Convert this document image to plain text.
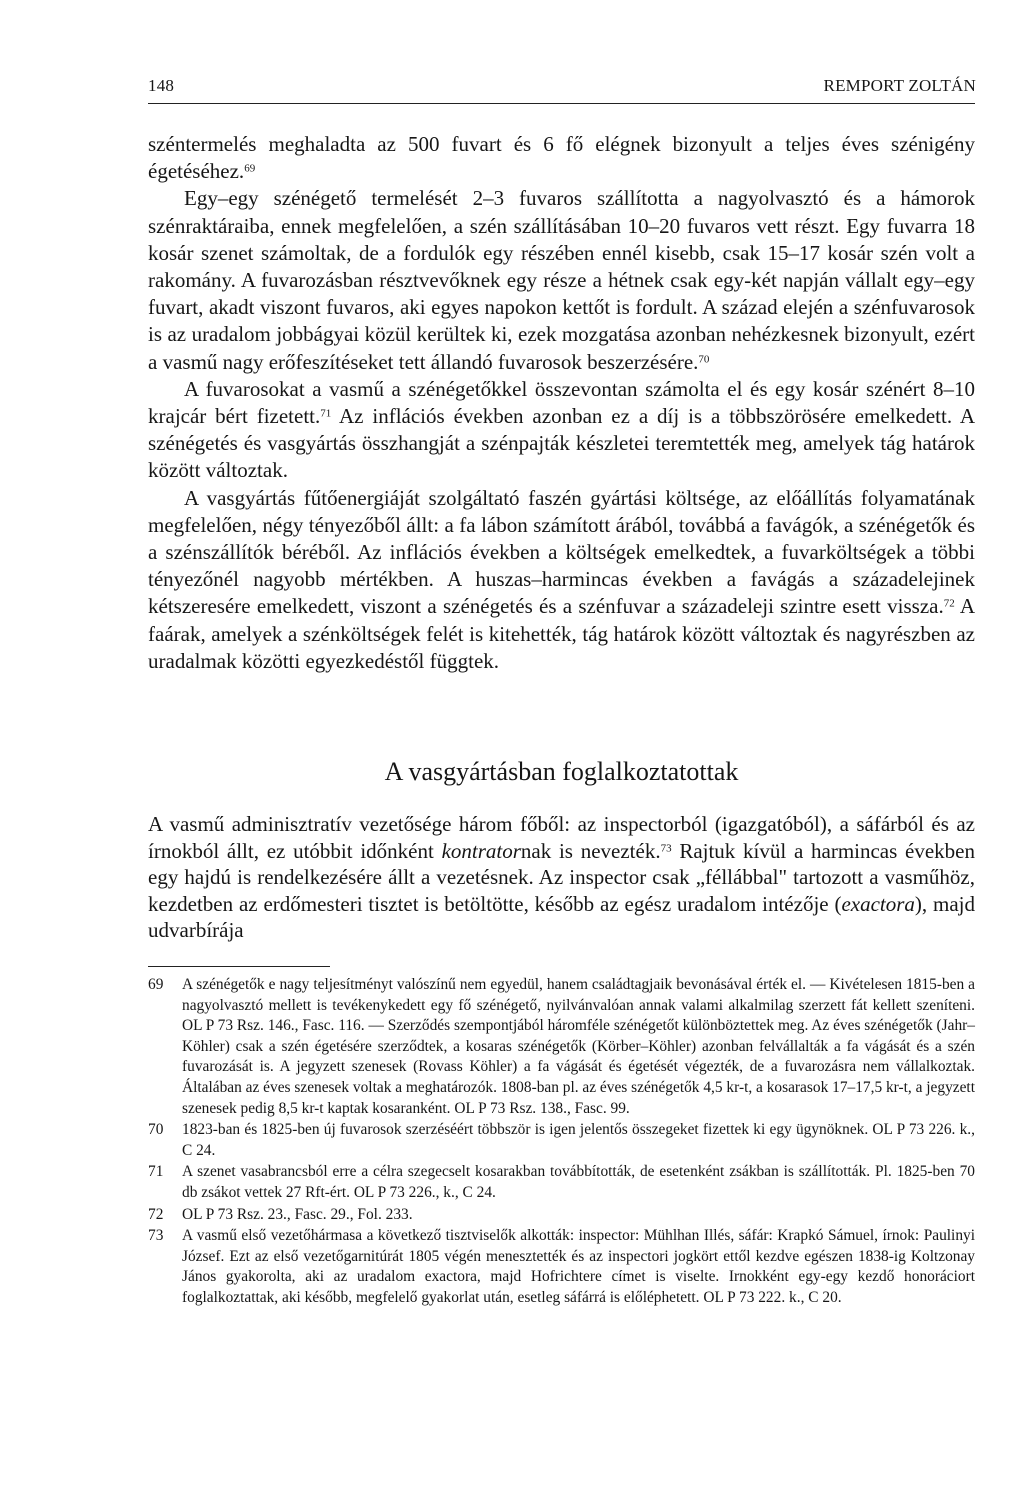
148	REMPORT ZOLTÁN

széntermelés meghaladta az 500 fuvart és 6 fő elégnek bizonyult a teljes éves szénigény égetéséhez.$^{69}$

Egy–egy szénégető termelését 2–3 fuvaros szállította a nagyolvasztó és a hámorok szénraktáraiba, ennek megfelelően, a szén szállításában 10–20 fuvaros vett részt. Egy fuvarra 18 kosár szenet számoltak, de a fordulók egy részében ennél kisebb, csak 15–17 kosár szén volt a rakomány. A fuvarozásban résztvevőknek egy része a hétnek csak egy-két napján vállalt egy–egy fuvart, akadt viszont fuvaros, aki egyes napokon kettőt is fordult. A század elején a szénfuvarosok is az uradalom jobbágyai közül kerültek ki, ezek mozgatása azonban nehézkesnek bizonyult, ezért a vasmű nagy erőfeszítéseket tett állandó fuvarosok beszerzésére.$^{70}$

A fuvarosokat a vasmű a szénégetőkkel összevontan számolta el és egy kosár szénért 8–10 krajcár bért fizetett.$^{71}$ Az inflációs években azonban ez a díj is a többszörösére emelkedett. A szénégetés és vasgyártás összhangját a szénpajták készletei teremtették meg, amelyek tág határok között változtak.

A vasgyártás fűtőenergiáját szolgáltató faszén gyártási költsége, az előállítás folyamatának megfelelően, négy tényezőből állt: a fa lábon számított árából, továbbá a favágók, a szénégetők és a szénszállítók béréből. Az inflációs években a költségek emelkedtek, a fuvarköltségek a többi tényezőnél nagyobb mértékben. A huszas–harmincas években a favágás a századelejinek kétszeresére emelkedett, viszont a szénégetés és a szénfuvar a századeleji szintre esett vissza.$^{72}$ A faárak, amelyek a szénköltségek felét is kitehették, tág határok között változtak és nagyrészben az uradalmak közötti egyezkedéstől függtek.

A vasgyártásban foglalkoztatottak

A vasmű adminisztratív vezetősége három főből: az inspectorból (igazgatóból), a sáfárból és az írnokból állt, ez utóbbit időnként kontratornak is nevezték.$^{73}$ Rajtuk kívül a harmincas években egy hajdú is rendelkezésére állt a vezetésnek. Az inspector csak „féllábbal" tartozott a vasműhöz, kezdetben az erdőmesteri tisztet is betöltötte, később az egész uradalom intézője (exactora), majd udvarbírája

69	A szénégetők e nagy teljesítményt valószínű nem egyedül, hanem családtagjaik bevonásával érték el. — Kivételesen 1815-ben a nagyolvasztó mellett is tevékenykedett egy fő szénégető, nyilvánvalóan annak valami alkalmilag szerzett fát kellett szeníteni. OL P 73 Rsz. 146., Fasc. 116. — Szerződés szempontjából háromféle szénégetőt különböztettek meg. Az éves szénégetők (Jahr–Köhler) csak a szén égetésére szerződtek, a kosaras szénégetők (Körber–Köhler) azonban felvállalták a fa vágását és a szén fuvarozását is. A jegyzett szenesek (Rovass Köhler) a fa vágását és égetését végezték, de a fuvarozásra nem vállalkoztak. Általában az éves szenesek voltak a meghatározók. 1808-ban pl. az éves szénégetők 4,5 kr-t, a kosarasok 17–17,5 kr-t, a jegyzett szenesek pedig 8,5 kr-t kaptak kosaranként. OL P 73 Rsz. 138., Fasc. 99.
70	1823-ban és 1825-ben új fuvarosok szerzéséért többször is igen jelentős összegeket fizettek ki egy ügynöknek. OL P 73 226. k., C 24.
71	A szenet vasabrancsból erre a célra szegecselt kosarakban továbbították, de esetenként zsákban is szállították. Pl. 1825-ben 70 db zsákot vettek 27 Rft-ért. OL P 73 226., k., C 24.
72	OL P 73 Rsz. 23., Fasc. 29., Fol. 233.
73	A vasmű első vezetőhármasa a következő tisztviselők alkották: inspector: Mühlhan Illés, sáfár: Krapkó Sámuel, írnok: Paulinyi József. Ezt az első vezetőgarnitúrát 1805 végén menesztették és az inspectori jogkört ettől kezdve egészen 1838-ig Koltzonay János gyakorolta, aki az uradalom exactora, majd Hofrichtere címet is viselte. Irnokként egy-egy kezdő honoráciort foglalkoztattak, aki később, megfelelő gyakorlat után, esetleg sáfárrá is előléphetett. OL P 73 222. k., C 20.
